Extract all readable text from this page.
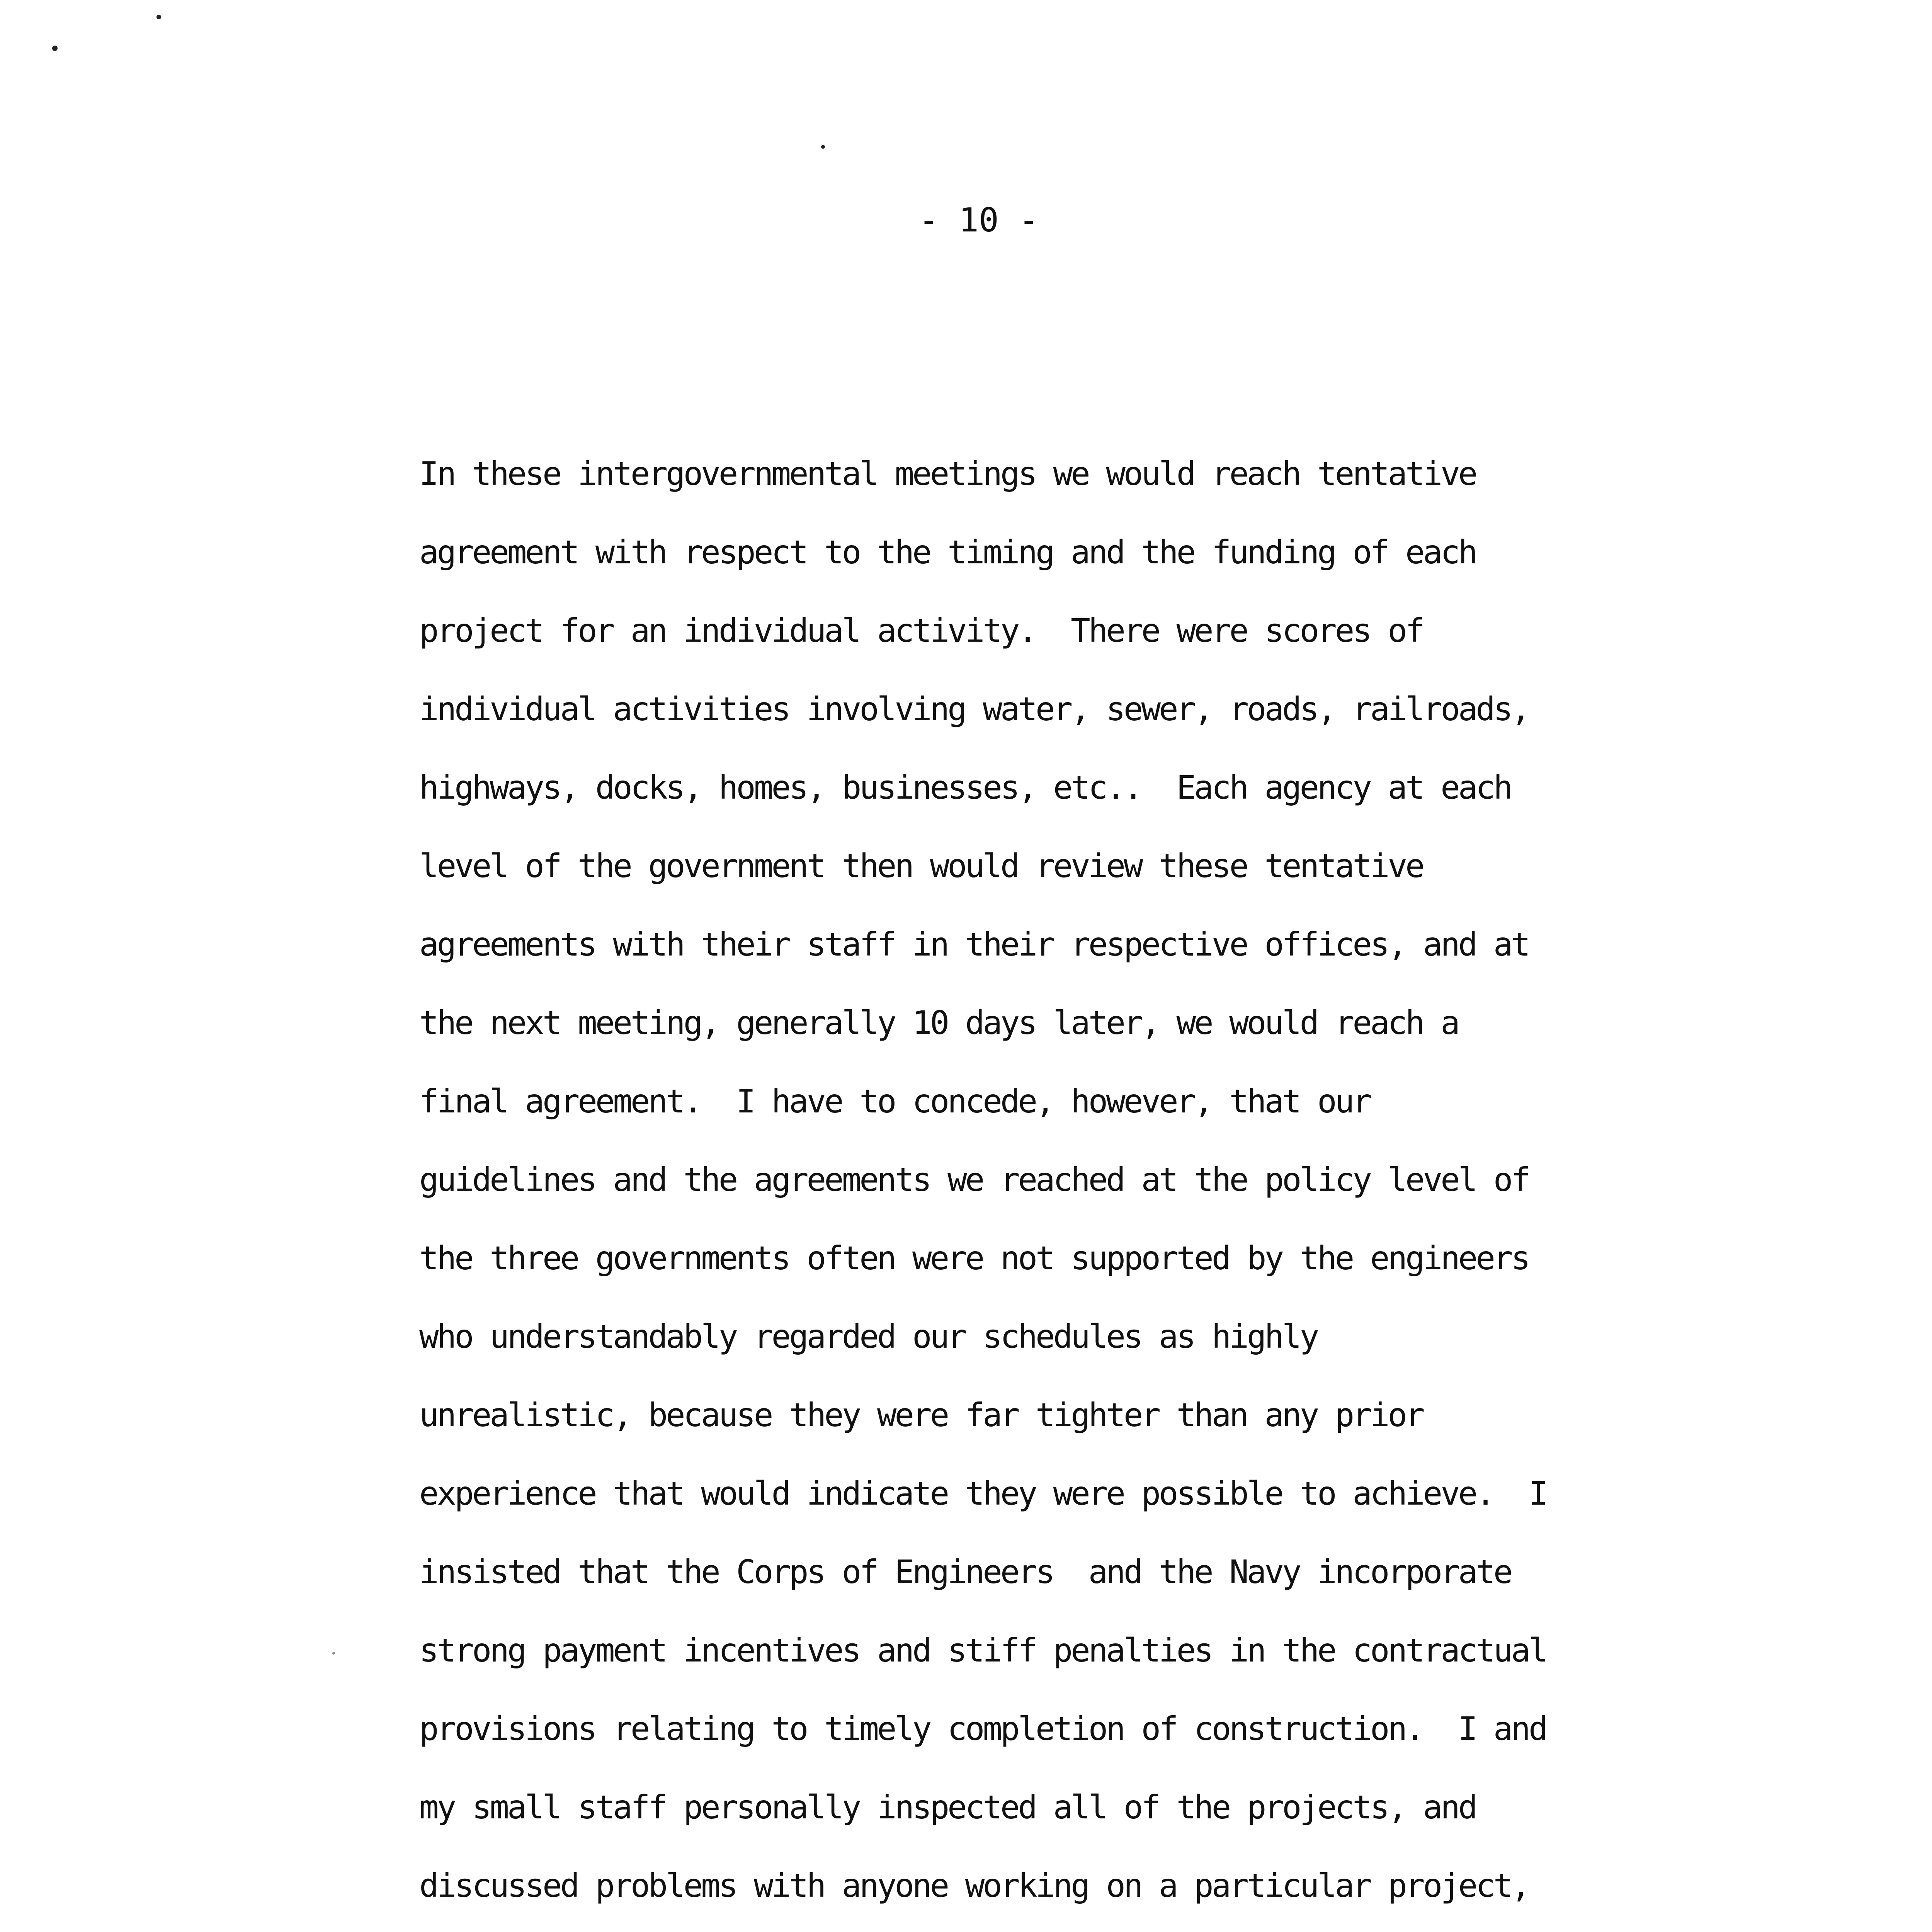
- 10 -
In these intergovernmental meetings we would reach tentative
agreement with respect to the timing and the funding of each
project for an individual activity.  There were scores of
individual activities involving water, sewer, roads, railroads,
highways, docks, homes, businesses, etc..  Each agency at each
level of the government then would review these tentative
agreements with their staff in their respective offices, and at
the next meeting, generally 10 days later, we would reach a
final agreement.  I have to concede, however, that our
guidelines and the agreements we reached at the policy level of
the three governments often were not supported by the engineers
who understandably regarded our schedules as highly
unrealistic, because they were far tighter than any prior
experience that would indicate they were possible to achieve.  I
insisted that the Corps of Engineers  and the Navy incorporate
strong payment incentives and stiff penalties in the contractual
provisions relating to timely completion of construction.  I and
my small staff personally inspected all of the projects, and
discussed problems with anyone working on a particular project,
